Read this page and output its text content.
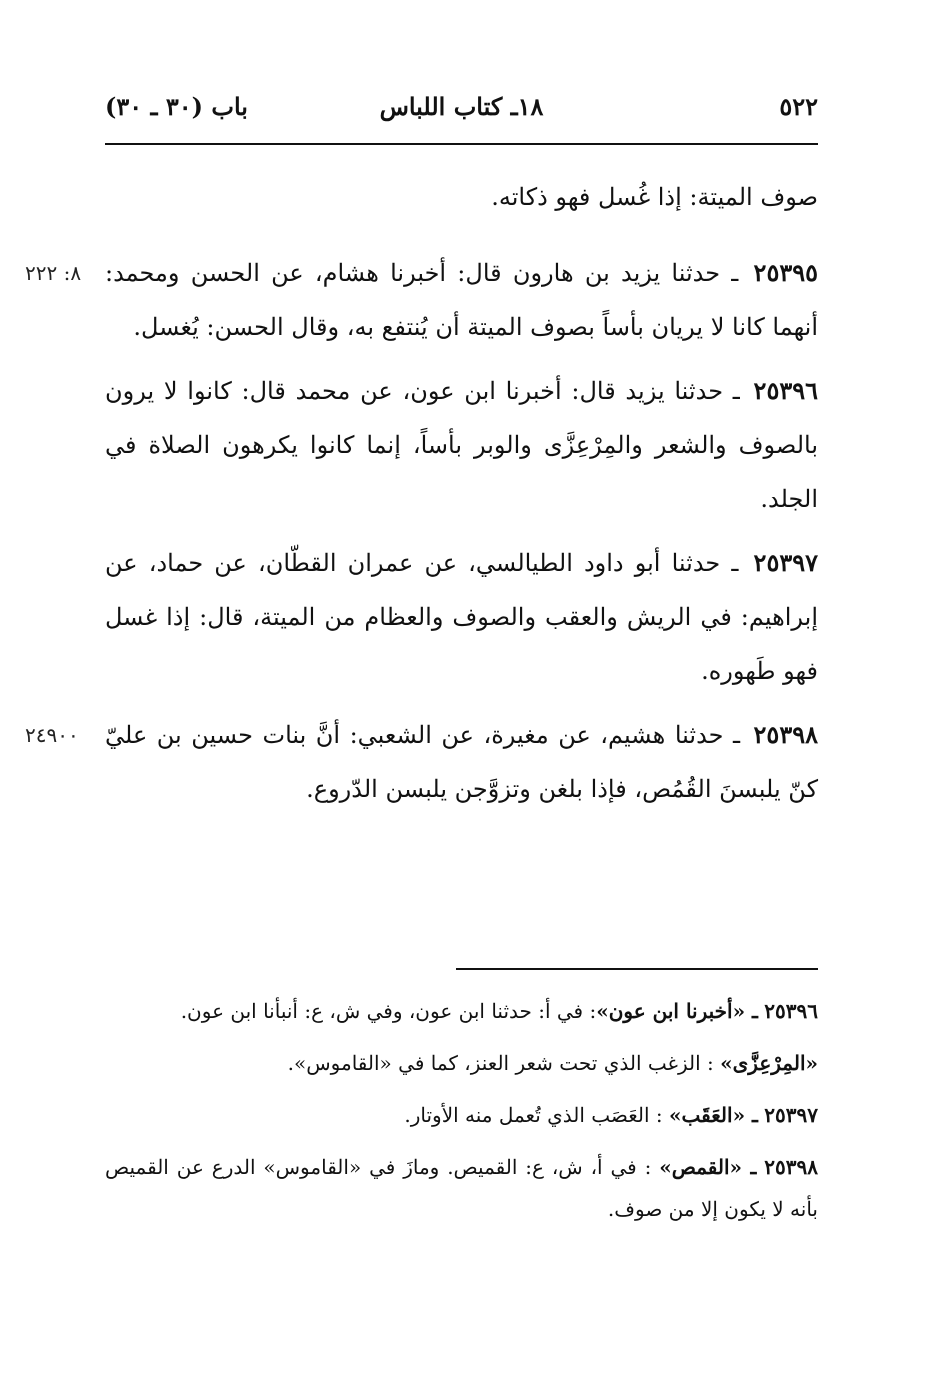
٥٢٢
١٨ـ كتاب اللباس
باب (٣٠ ـ ٣٠)

صوف الميتة: إذا غُسل فهو ذكاته.

٨: ٢٢٢	٢٥٣٩٥ ـ حدثنا يزيد بن هارون قال: أخبرنا هشام، عن الحسن ومحمد: أنهما كانا لا يريان بأساً بصوف الميتة أن يُنتفع به، وقال الحسن: يُغسل.

٢٥٣٩٦ ـ حدثنا يزيد قال: أخبرنا ابن عون، عن محمد قال: كانوا لا يرون بالصوف والشعر والمِرْعِزَّى والوبر بأساً، إنما كانوا يكرهون الصلاة في الجلد.

٢٥٣٩٧ ـ حدثنا أبو داود الطيالسي، عن عمران القطّان، عن حماد، عن إبراهيم: في الريش والعقب والصوف والعظام من الميتة، قال: إذا غسل فهو طَهوره.

٢٤٩٠٠	٢٥٣٩٨ ـ حدثنا هشيم، عن مغيرة، عن الشعبي: أنَّ بنات حسين بن عليّ كنّ يلبسنَ القُمُص، فإذا بلغن وتزوَّجن يلبسن الدّروع.

٢٥٣٩٦ ـ «أخبرنا ابن عون»: في أ: حدثنا ابن عون، وفي ش، ع: أنبأنا ابن عون.

«المِرْعِزَّى» : الزغب الذي تحت شعر العنز، كما في «القاموس».

٢٥٣٩٧ ـ «العَقَب» : العَصَب الذي تُعمل منه الأوتار.

٢٥٣٩٨ ـ «القمص» : في أ، ش، ع: القميص. ومازَ في «القاموس» الدرع عن القميص بأنه لا يكون إلا من صوف.
